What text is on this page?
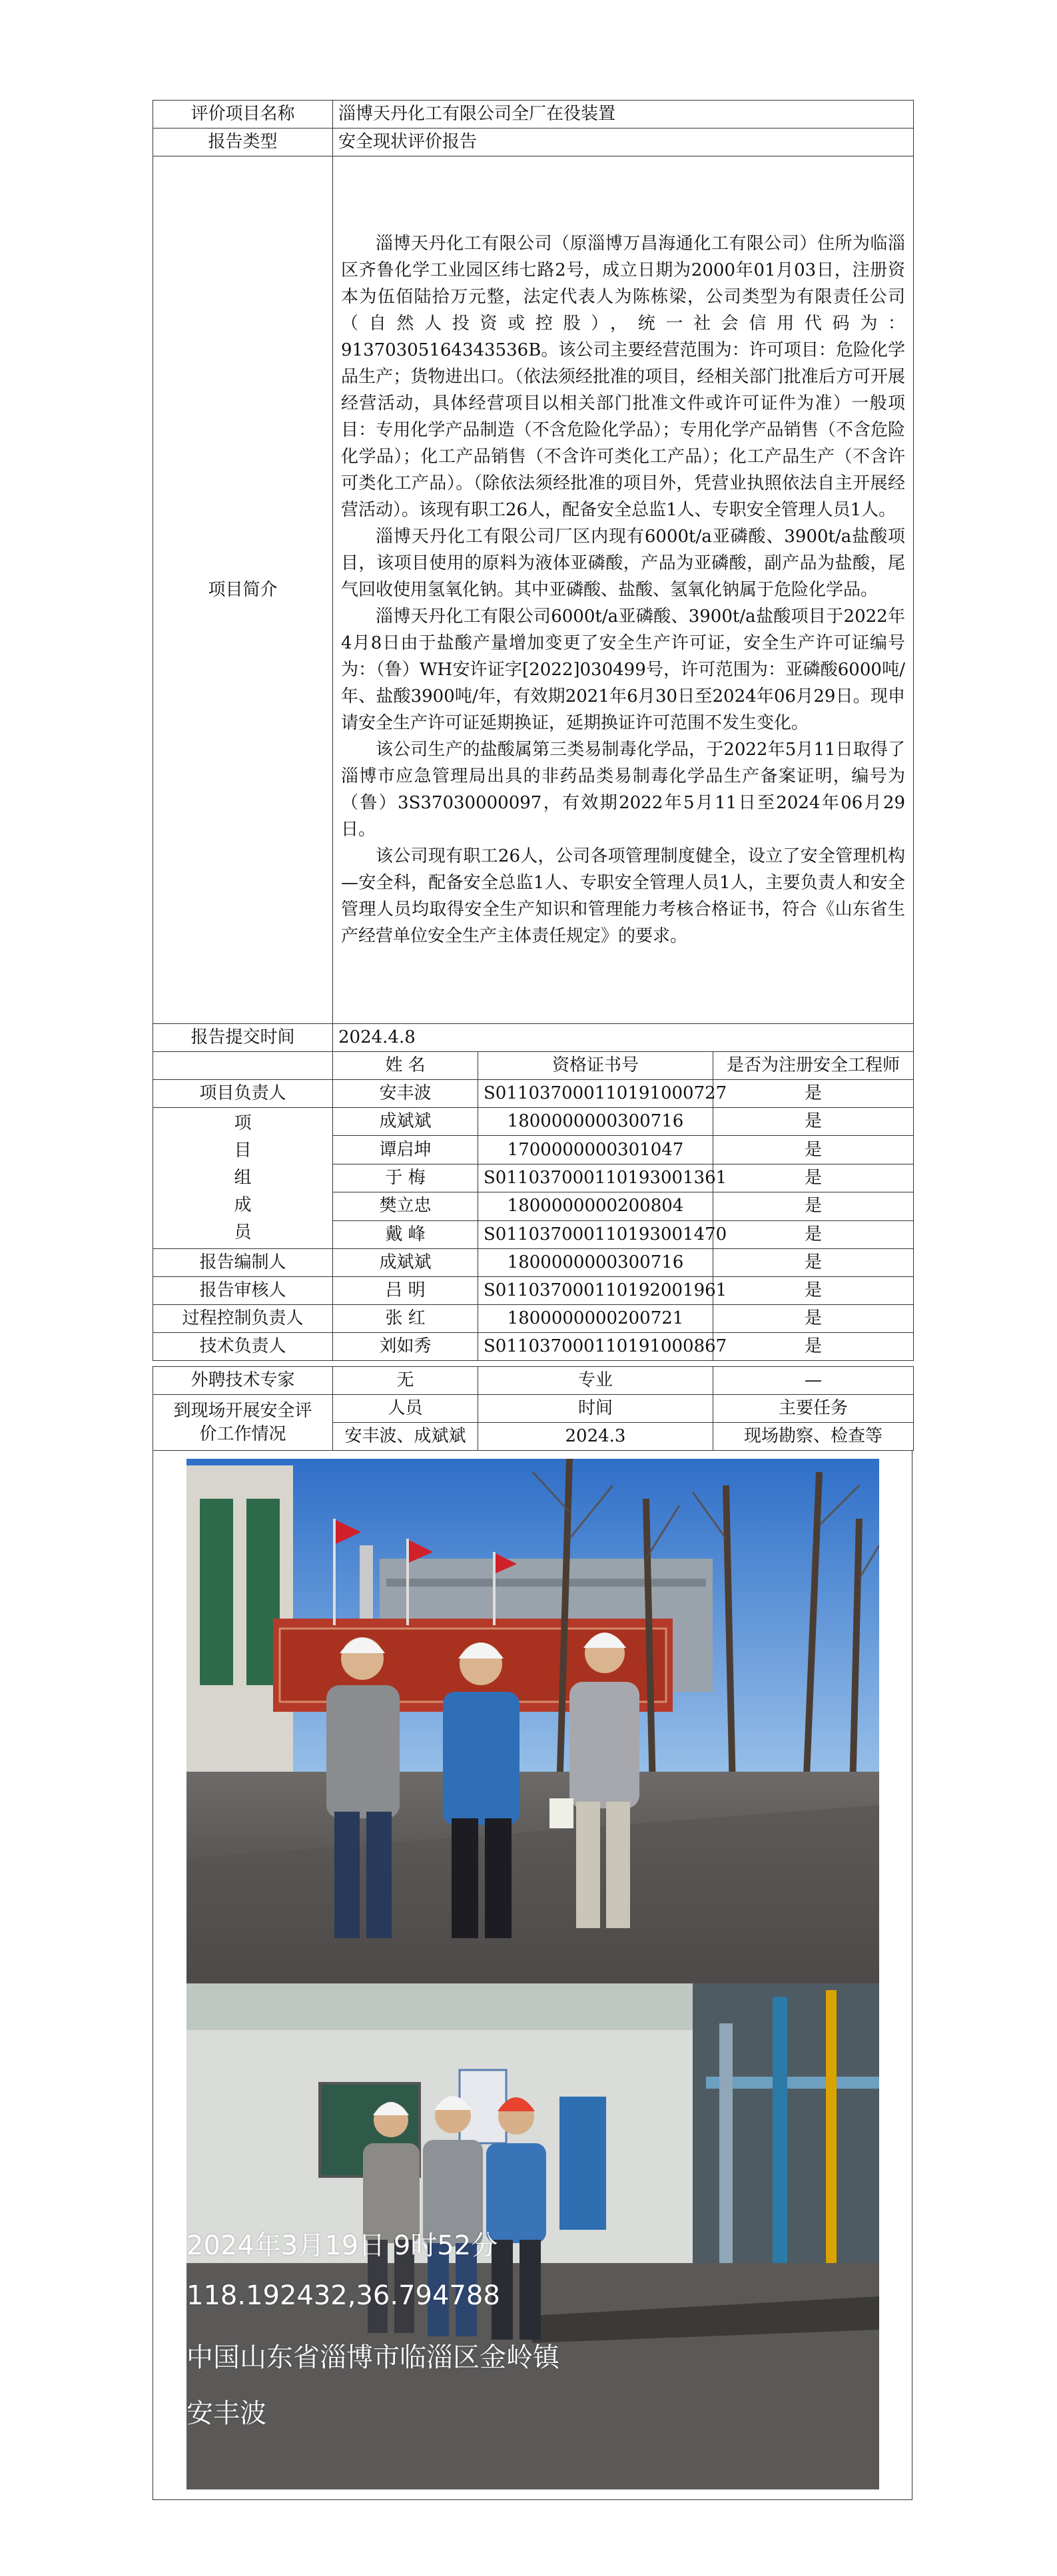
评价项目名称	淄博天丹化工有限公司全厂在役装置		
报告类型	安全现状评价报告		
项目简介	淄博天丹化工有限公司（原淄博万昌海通化工有限公司）住所为临淄区齐鲁化学工业园区纬七路2号，成立日期为2000年01月03日，注册资本为伍佰陆拾万元整，法定代表人为陈栋梁，公司类型为有限责任公司（自然人投资或控股），统一社会信用代码为：91370305164343536B。该公司主要经营范围为：许可项目：危险化学品生产；货物进出口。（依法须经批准的项目，经相关部门批准后方可开展经营活动，具体经营项目以相关部门批准文件或许可证件为准）一般项目：专用化学产品制造（不含危险化学品）；专用化学产品销售（不含危险化学品）；化工产品销售（不含许可类化工产品）；化工产品生产（不含许可类化工产品）。（除依法须经批准的项目外，凭营业执照依法自主开展经营活动）。该现有职工26人，配备安全总监1人、专职安全管理人员1人。

淄博天丹化工有限公司厂区内现有6000t/a亚磷酸、3900t/a盐酸项目，该项目使用的原料为液体亚磷酸，产品为亚磷酸，副产品为盐酸，尾气回收使用氢氧化钠。其中亚磷酸、盐酸、氢氧化钠属于危险化学品。

淄博天丹化工有限公司6000t/a亚磷酸、3900t/a盐酸项目于2022年4月8日由于盐酸产量增加变更了安全生产许可证，安全生产许可证编号为：（鲁）WH安许证字[2022]030499号，许可范围为：亚磷酸6000吨/年、盐酸3900吨/年，有效期2021年6月30日至2024年06月29日。现申请安全生产许可证延期换证，延期换证许可范围不发生变化。

该公司生产的盐酸属第三类易制毒化学品，于2022年5月11日取得了淄博市应急管理局出具的非药品类易制毒化学品生产备案证明，编号为（鲁）3S37030000097，有效期2022年5月11日至2024年06月29日。

该公司现有职工26人，公司各项管理制度健全，设立了安全管理机构—安全科，配备安全总监1人、专职安全管理人员1人，主要负责人和安全管理人员均取得安全生产知识和管理能力考核合格证书，符合《山东省生产经营单位安全生产主体责任规定》的要求。		

报告提交时间	2024.4.8		
	姓 名	资格证书号	是否为注册安全工程师
项目负责人	安丰波	S011037000110191000727	是

项
目
组
成
员	成斌斌	1800000000300716	是
	谭启坤	1700000000301047	是
	于 梅	S011037000110193001361	是
	樊立忠	1800000000200804	是
	戴 峰	S011037000110193001470	是
报告编制人	成斌斌	1800000000300716	是
报告审核人	吕 明	S011037000110192001961	是
过程控制负责人	张 红	1800000000200721	是
技术负责人	刘如秀	S011037000110191000867	是
外聘技术专家	无	专业	—
到现场开展安全评
价工作情况	人员	时间	主要任务
	安丰波、成斌斌	2024.3	现场勘察、检查等
2024年3月19日 9时52分
118.192432,36.794788
中国山东省淄博市临淄区金岭镇
安丰波
